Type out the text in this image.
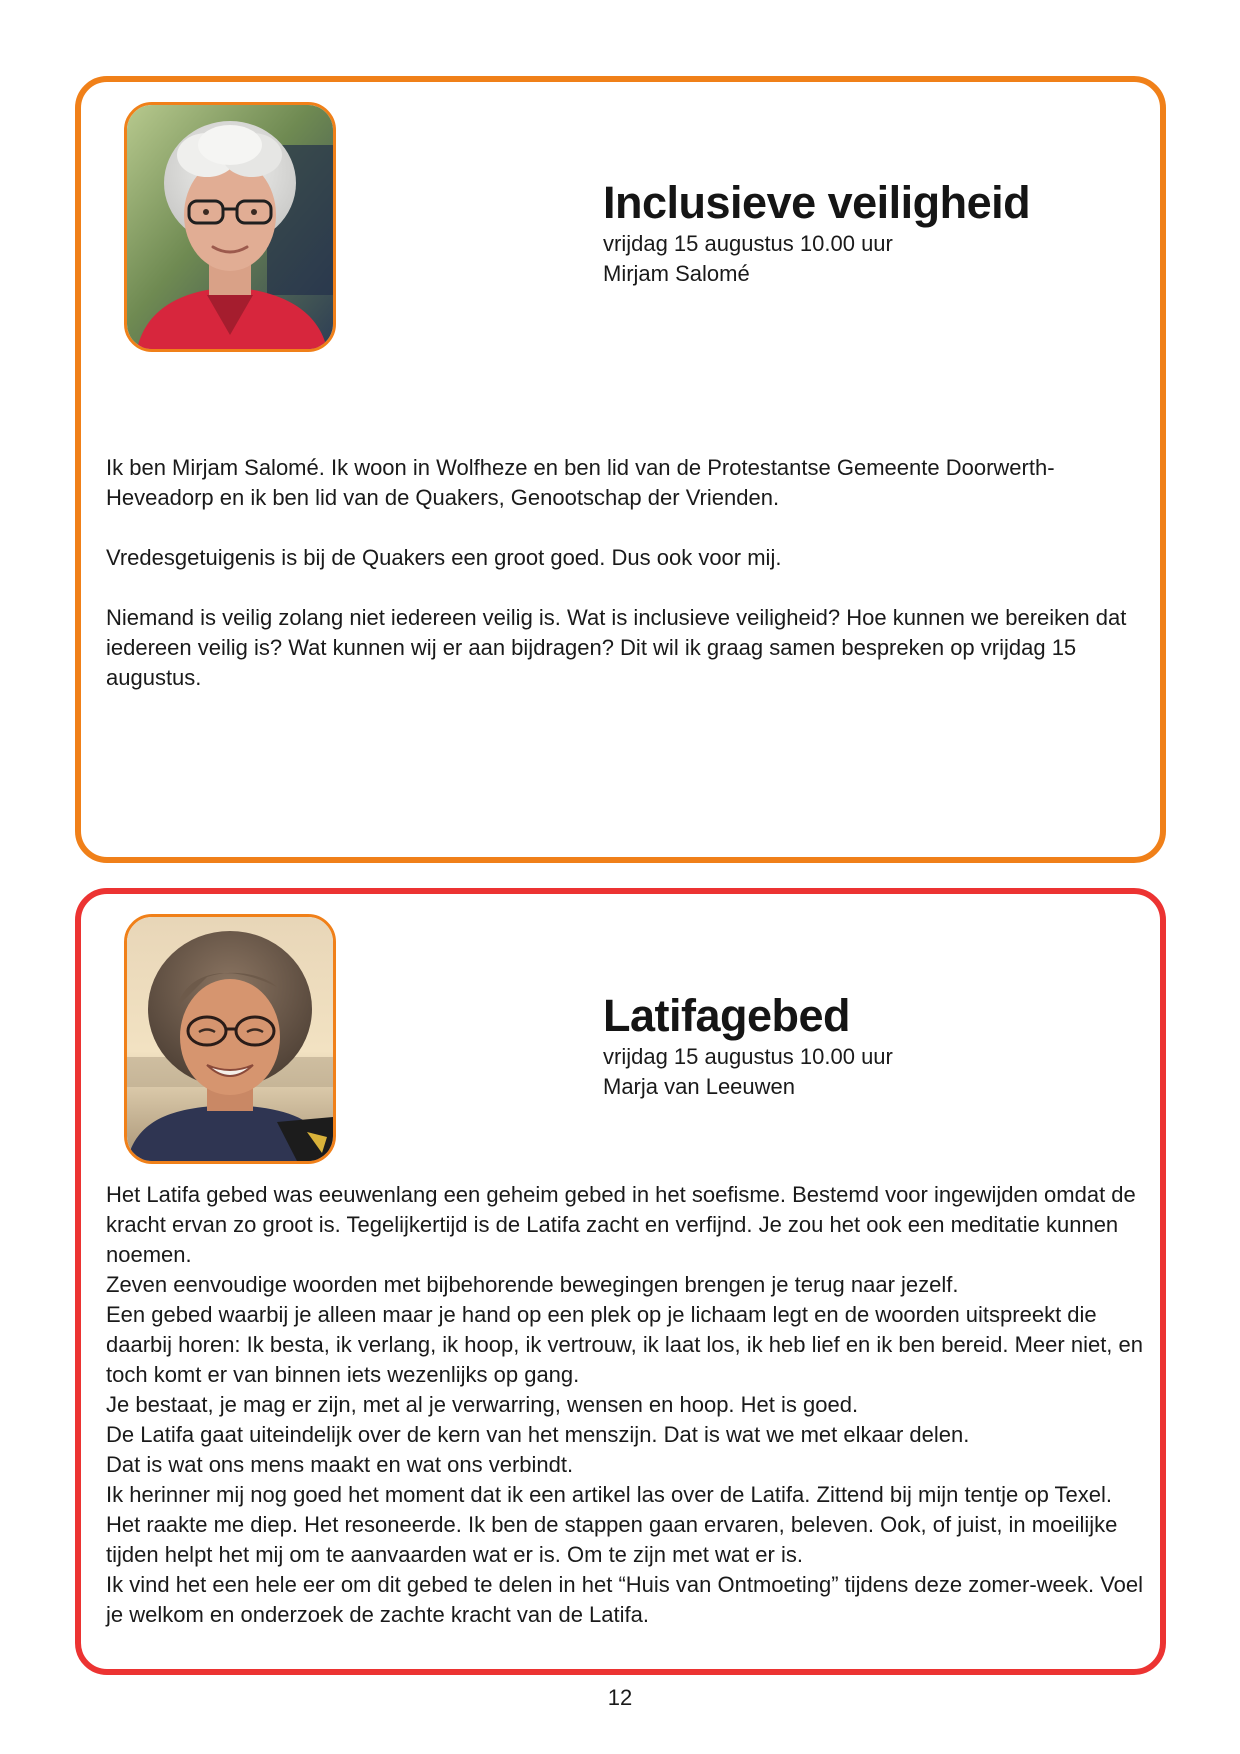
Inclusieve veiligheid

vrijdag 15 augustus 10.00 uur

Mirjam Salomé

Ik ben Mirjam Salomé. Ik woon in Wolfheze en ben lid van de Protestantse Gemeente Doorwerth-Heveadorp en ik ben lid van de Quakers, Genootschap der Vrienden.

Vredesgetuigenis is bij de Quakers een groot goed. Dus ook voor mij.

Niemand is veilig zolang niet iedereen veilig is. Wat is inclusieve veiligheid? Hoe kunnen we bereiken dat iedereen veilig is? Wat kunnen wij er aan bijdragen? Dit wil ik graag samen bespreken op vrijdag 15 augustus.

Latifagebed

vrijdag 15 augustus 10.00 uur

Marja van Leeuwen

Het Latifa gebed was eeuwenlang een geheim gebed in het soefisme. Bestemd voor ingewijden omdat de kracht ervan zo groot is. Tegelijkertijd is de Latifa zacht en verfijnd. Je zou het ook een meditatie kunnen noemen.

Zeven eenvoudige woorden met bijbehorende bewegingen brengen je terug naar jezelf.

Een gebed waarbij je alleen maar je hand op een plek op je lichaam legt en de woorden uitspreekt die daarbij horen: Ik besta, ik verlang, ik hoop, ik vertrouw, ik laat los, ik heb lief en ik ben bereid. Meer niet, en toch komt er van binnen iets wezenlijks op gang.

Je bestaat, je mag er zijn, met al je verwarring, wensen en hoop. Het is goed.

De Latifa gaat uiteindelijk over de kern van het menszijn. Dat is wat we met elkaar delen.

Dat is wat ons mens maakt en wat ons verbindt.

Ik herinner mij nog goed het moment dat ik een artikel las over de Latifa. Zittend bij mijn tentje op Texel. Het raakte me diep. Het resoneerde. Ik ben de stappen gaan ervaren, beleven. Ook, of juist, in moeilijke tijden helpt het mij om te aanvaarden wat er is. Om te zijn met wat er is.

Ik vind het een hele eer om dit gebed te delen in het “Huis van Ontmoeting” tijdens deze zomer-week. Voel je welkom en onderzoek de zachte kracht van de Latifa.

12
